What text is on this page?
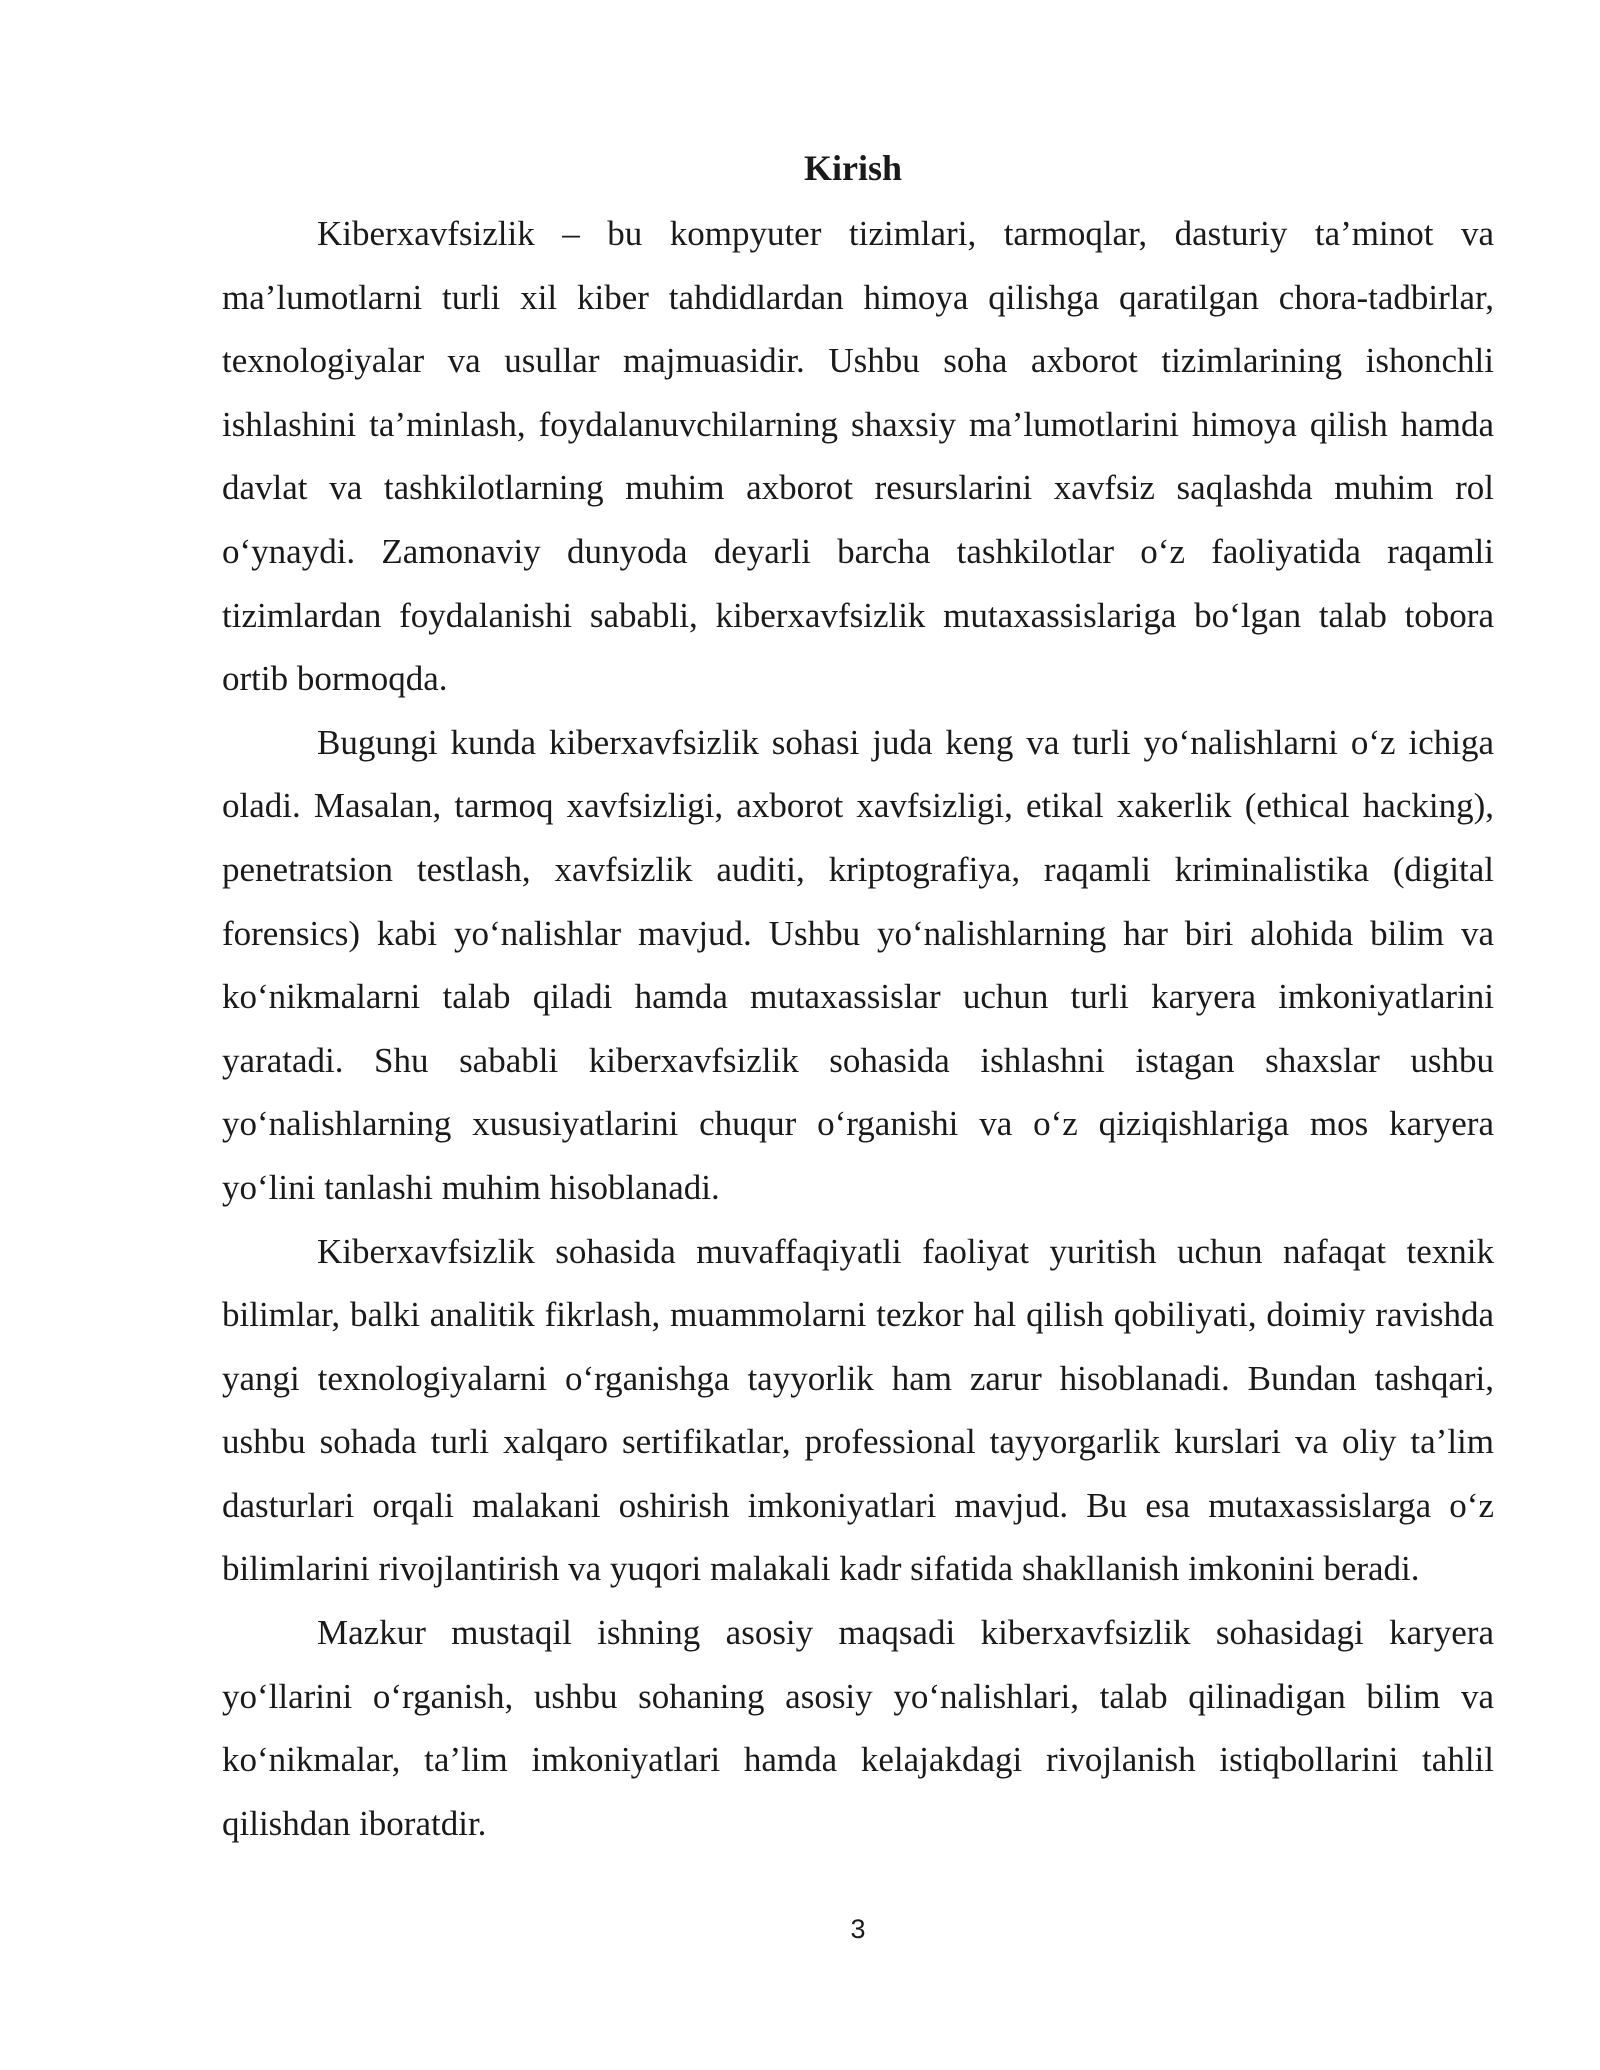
Kirish

Kiberxavfsizlik – bu kompyuter tizimlari, tarmoqlar, dasturiy ta’minot va ma’lumotlarni turli xil kiber tahdidlardan himoya qilishga qaratilgan chora-tadbirlar, texnologiyalar va usullar majmuasidir. Ushbu soha axborot tizimlarining ishonchli ishlashini ta’minlash, foydalanuvchilarning shaxsiy ma’lumotlarini himoya qilish hamda davlat va tashkilotlarning muhim axborot resurslarini xavfsiz saqlashda muhim rol o‘ynaydi. Zamonaviy dunyoda deyarli barcha tashkilotlar o‘z faoliyatida raqamli tizimlardan foydalanishi sababli, kiberxavfsizlik mutaxassislariga bo‘lgan talab tobora ortib bormoqda.

Bugungi kunda kiberxavfsizlik sohasi juda keng va turli yo‘nalishlarni o‘z ichiga oladi. Masalan, tarmoq xavfsizligi, axborot xavfsizligi, etikal xakerlik (ethical hacking), penetratsion testlash, xavfsizlik auditi, kriptografiya, raqamli kriminalistika (digital forensics) kabi yo‘nalishlar mavjud. Ushbu yo‘nalishlarning har biri alohida bilim va ko‘nikmalarni talab qiladi hamda mutaxassislar uchun turli karyera imkoniyatlarini yaratadi. Shu sababli kiberxavfsizlik sohasida ishlashni istagan shaxslar ushbu yo‘nalishlarning xususiyatlarini chuqur o‘rganishi va o‘z qiziqishlariga mos karyera yo‘lini tanlashi muhim hisoblanadi.

Kiberxavfsizlik sohasida muvaffaqiyatli faoliyat yuritish uchun nafaqat texnik bilimlar, balki analitik fikrlash, muammolarni tezkor hal qilish qobiliyati, doimiy ravishda yangi texnologiyalarni o‘rganishga tayyorlik ham zarur hisoblanadi. Bundan tashqari, ushbu sohada turli xalqaro sertifikatlar, professional tayyorgarlik kurslari va oliy ta’lim dasturlari orqali malakani oshirish imkoniyatlari mavjud. Bu esa mutaxassislarga o‘z bilimlarini rivojlantirish va yuqori malakali kadr sifatida shakllanish imkonini beradi.

Mazkur mustaqil ishning asosiy maqsadi kiberxavfsizlik sohasidagi karyera yo‘llarini o‘rganish, ushbu sohaning asosiy yo‘nalishlari, talab qilinadigan bilim va ko‘nikmalar, ta’lim imkoniyatlari hamda kelajakdagi rivojlanish istiqbollarini tahlil qilishdan iboratdir.

3
